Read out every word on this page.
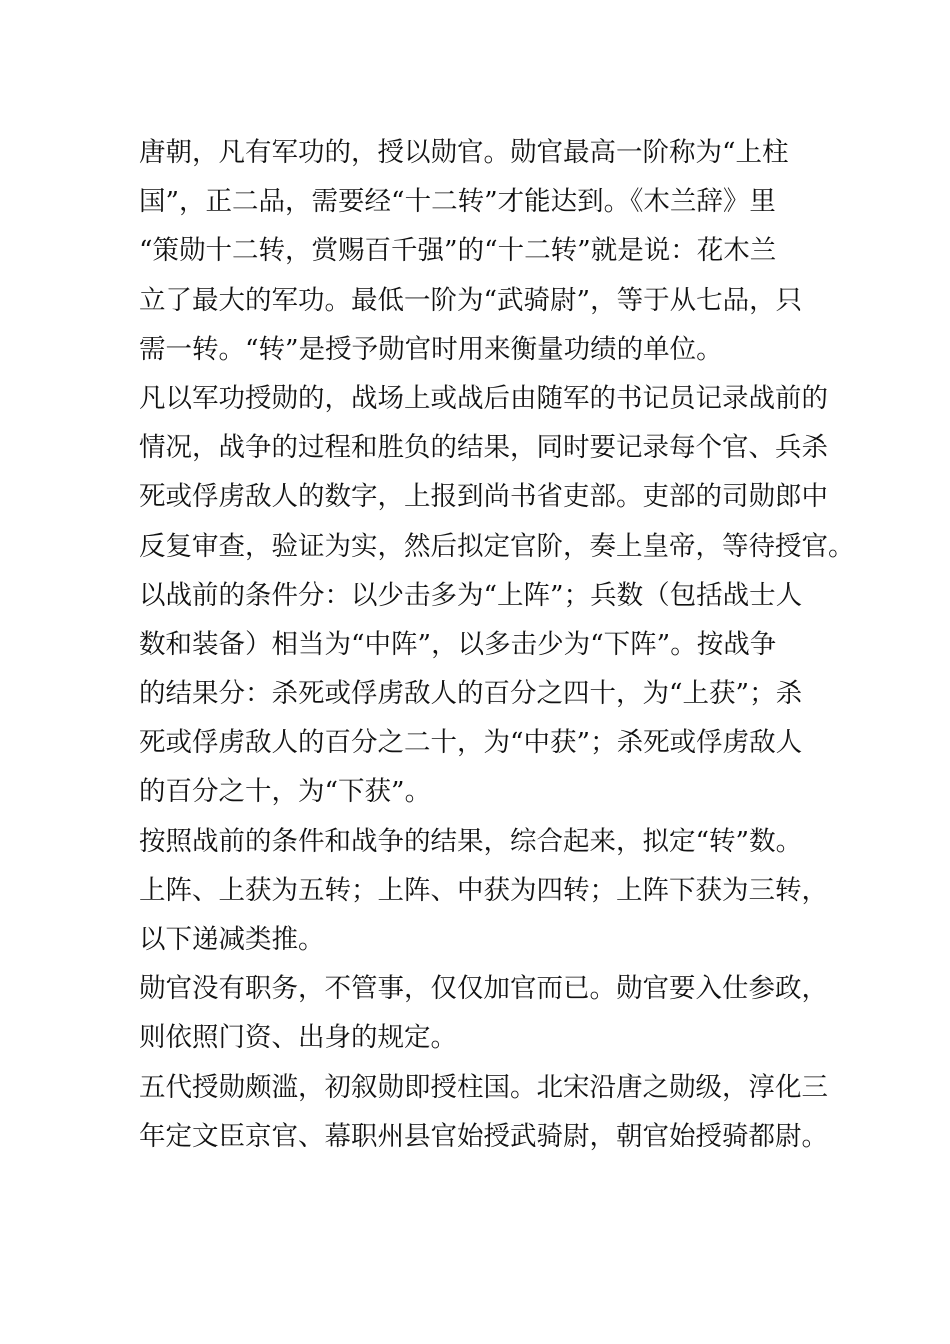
唐朝，凡有军功的，授以勋官。勋官最高一阶称为“上柱
国”，正二品，需要经“十二转”才能达到。《木兰辞》里
“策勋十二转，赏赐百千强”的“十二转”就是说：花木兰
立了最大的军功。最低一阶为“武骑尉”，等于从七品，只
需一转。“转”是授予勋官时用来衡量功绩的单位。
凡以军功授勋的，战场上或战后由随军的书记员记录战前的
情况，战争的过程和胜负的结果，同时要记录每个官、兵杀
死或俘虏敌人的数字，上报到尚书省吏部。吏部的司勋郎中
反复审查，验证为实，然后拟定官阶，奏上皇帝，等待授官。
以战前的条件分：以少击多为“上阵”；兵数（包括战士人
数和装备）相当为“中阵”，以多击少为“下阵”。按战争
的结果分：杀死或俘虏敌人的百分之四十，为“上获”；杀
死或俘虏敌人的百分之二十，为“中获”；杀死或俘虏敌人
的百分之十，为“下获”。
按照战前的条件和战争的结果，综合起来，拟定“转”数。
上阵、上获为五转；上阵、中获为四转；上阵下获为三转，
以下递减类推。
勋官没有职务，不管事，仅仅加官而已。勋官要入仕参政，
则依照门资、出身的规定。
五代授勋颇滥，初叙勋即授柱国。北宋沿唐之勋级，淳化三
年定文臣京官、幕职州县官始授武骑尉，朝官始授骑都尉。
